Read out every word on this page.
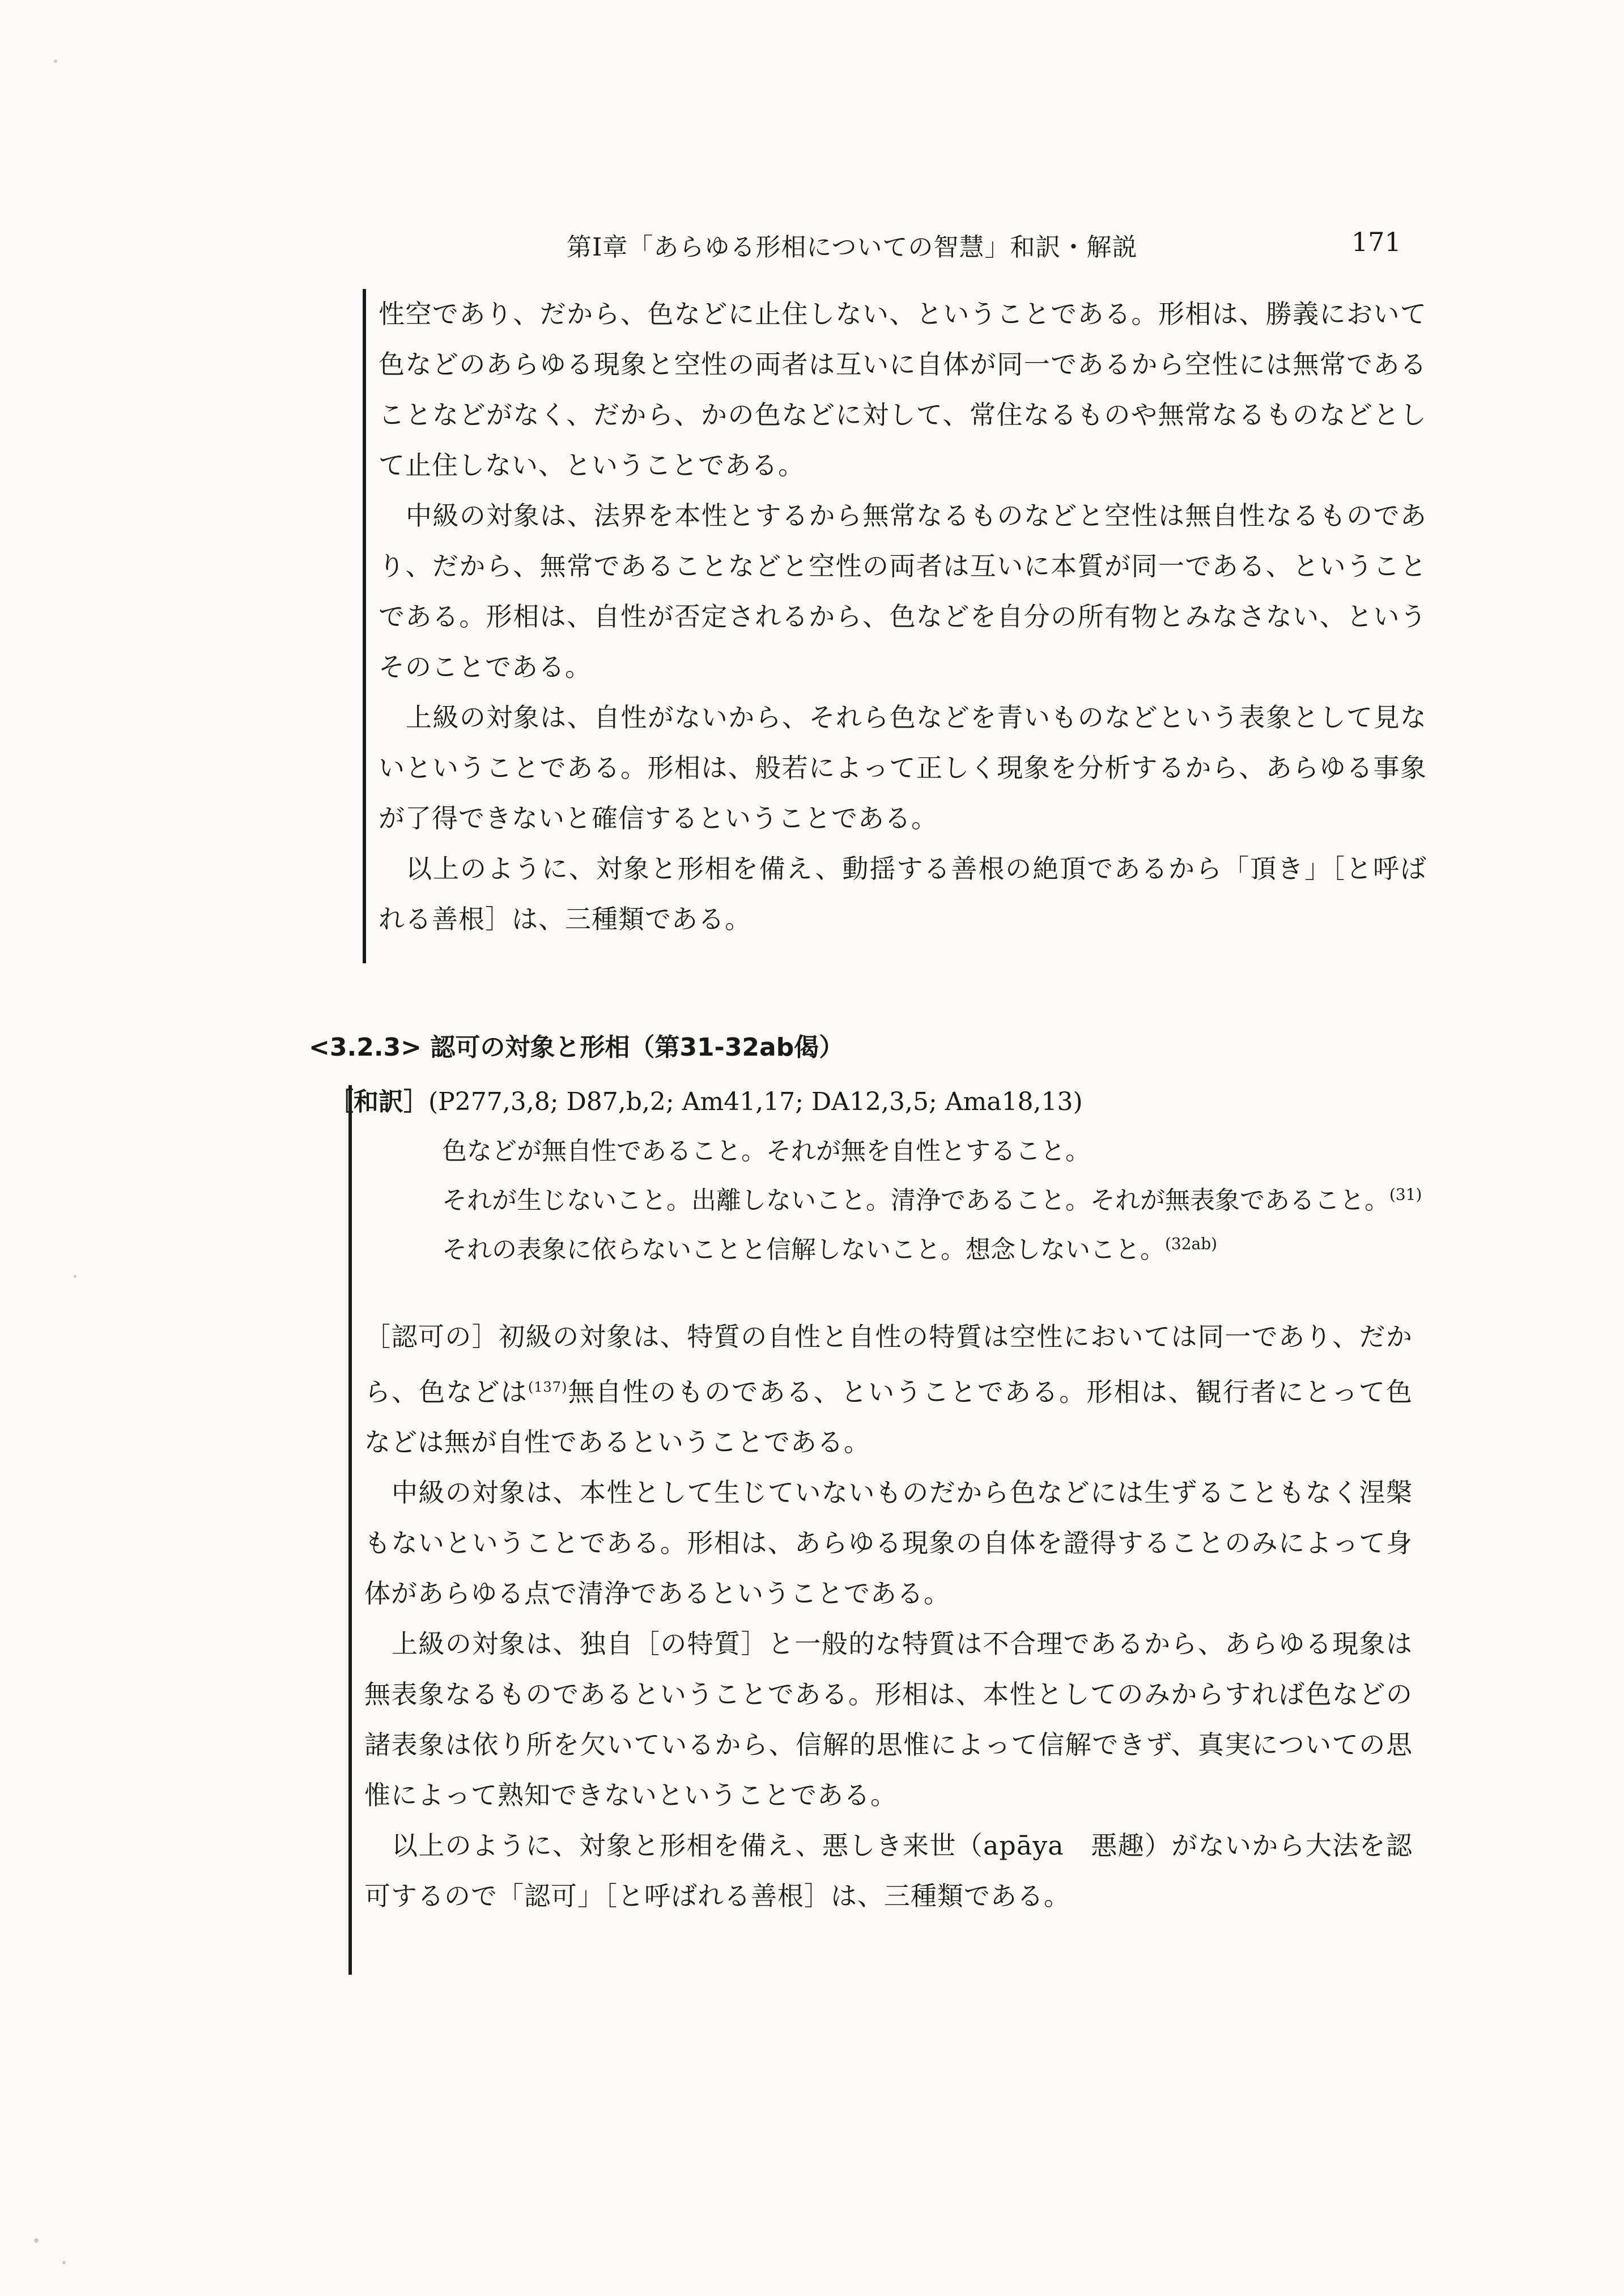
第Ⅰ章「あらゆる形相についての智慧」和訳・解説	171

性空であり、だから、色などに止住しない、ということである。形相は、勝義において色などのあらゆる現象と空性の両者は互いに自体が同一であるから空性には無常であることなどがなく、だから、かの色などに対して、常住なるものや無常なるものなどとして止住しない、ということである。

中級の対象は、法界を本性とするから無常なるものなどと空性は無自性なるものであり、だから、無常であることなどと空性の両者は互いに本質が同一である、ということである。形相は、自性が否定されるから、色などを自分の所有物とみなさない、というそのことである。

上級の対象は、自性がないから、それら色などを青いものなどという表象として見ないということである。形相は、般若によって正しく現象を分析するから、あらゆる事象が了得できないと確信するということである。

以上のように、対象と形相を備え、動揺する善根の絶頂であるから「頂き」［と呼ばれる善根］は、三種類である。

<3.2.3> 認可の対象と形相（第31-32ab偈）
［和訳］(P277,3,8; D87,b,2; Am41,17; DA12,3,5; Ama18,13)
色などが無自性であること。それが無を自性とすること。
それが生じないこと。出離しないこと。清浄であること。それが無表象であること。$^{(31)}$
それの表象に依らないことと信解しないこと。想念しないこと。$^{(32ab)}$

［認可の］初級の対象は、特質の自性と自性の特質は空性においては同一であり、だから、色などは$^{(137)}$無自性のものである、ということである。形相は、観行者にとって色などは無が自性であるということである。

中級の対象は、本性として生じていないものだから色などには生ずることもなく涅槃もないということである。形相は、あらゆる現象の自体を證得することのみによって身体があらゆる点で清浄であるということである。

上級の対象は、独自［の特質］と一般的な特質は不合理であるから、あらゆる現象は無表象なるものであるということである。形相は、本性としてのみからすれば色などの諸表象は依り所を欠いているから、信解的思惟によって信解できず、真実についての思惟によって熟知できないということである。

以上のように、対象と形相を備え、悪しき来世（apāya　悪趣）がないから大法を認可するので「認可」［と呼ばれる善根］は、三種類である。
